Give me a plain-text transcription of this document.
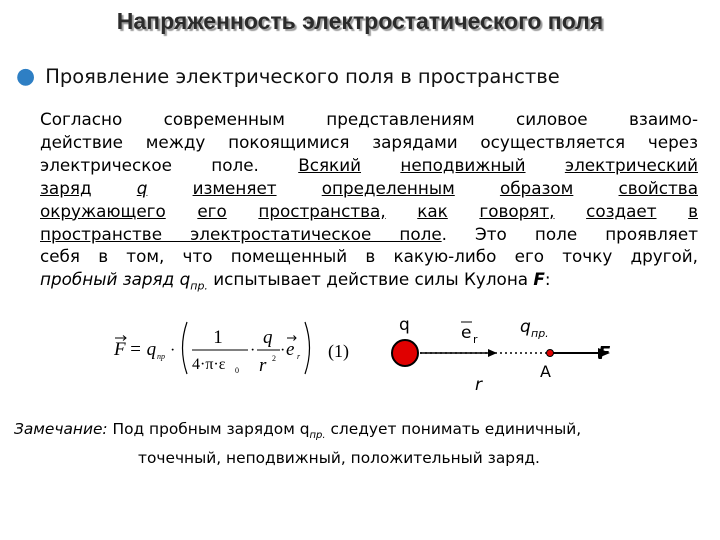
Напряженность электростатического поля
● Проявление электрического поля в пространстве
Согласно современным представлениям силовое взаимо-
действие между покоящимися зарядами осуществляется через
электрическое поле. Всякий неподвижный электрический
заряд	q	изменяет	определенным	образом	свойства
окружающего его пространства, как говорят, создает в
пространстве электростатическое поле. Это поле проявляет
себя в том, что помещенный в какую-либо его точку другой,
пробный заряд $q_{пр.}$ испытывает действие силы Кулона F:
F = q пр ·
1
4·π·ε 0
·
q
r 2 · e r (1)
q	e r
q пр.
F
r
A
Замечание: Под пробным зарядом $q_{пр.}$ следует понимать единичный,
точечный, неподвижный, положительный заряд.
